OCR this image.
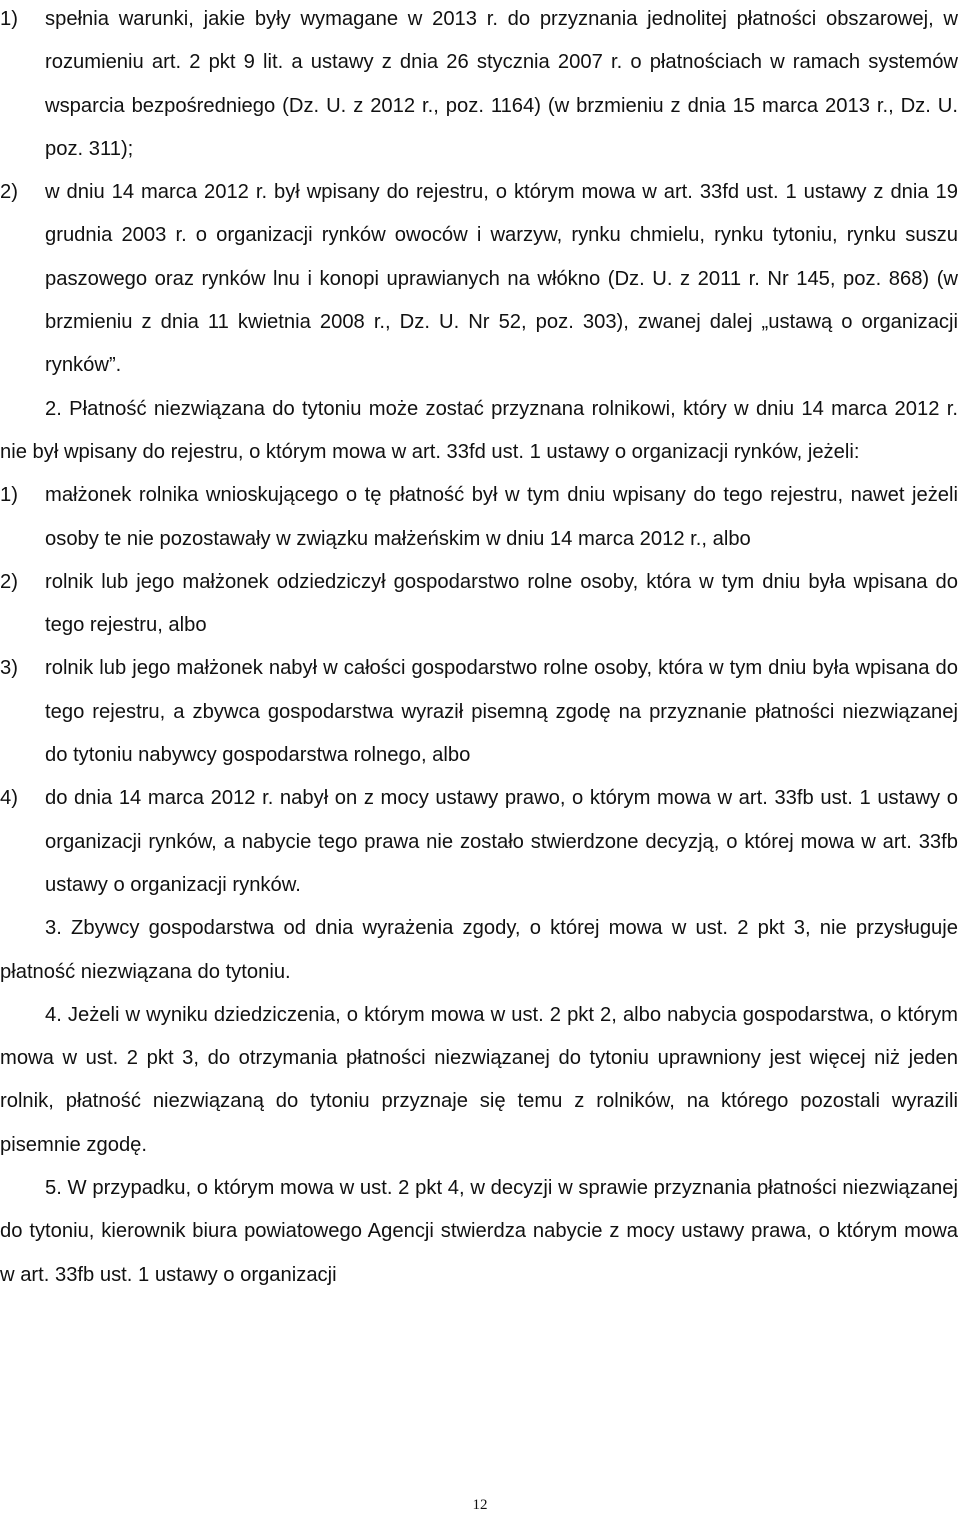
1) spełnia warunki, jakie były wymagane w 2013 r. do przyznania jednolitej płatności obszarowej, w rozumieniu art. 2 pkt 9 lit. a ustawy z dnia 26 stycznia 2007 r. o płatnościach w ramach systemów wsparcia bezpośredniego (Dz. U. z 2012 r., poz. 1164) (w brzmieniu z dnia 15 marca 2013 r., Dz. U. poz. 311);
2) w dniu 14 marca 2012 r. był wpisany do rejestru, o którym mowa w art. 33fd ust. 1 ustawy z dnia 19 grudnia 2003 r. o organizacji rynków owoców i warzyw, rynku chmielu, rynku tytoniu, rynku suszu paszowego oraz rynków lnu i konopi uprawianych na włókno (Dz. U. z 2011 r. Nr 145, poz. 868) (w brzmieniu z dnia 11 kwietnia 2008 r., Dz. U. Nr 52, poz. 303), zwanej dalej „ustawą o organizacji rynków”.

2. Płatność niezwiązana do tytoniu może zostać przyznana rolnikowi, który w dniu 14 marca 2012 r. nie był wpisany do rejestru, o którym mowa w art. 33fd ust. 1 ustawy o organizacji rynków, jeżeli:

1) małżonek rolnika wnioskującego o tę płatność był w tym dniu wpisany do tego rejestru, nawet jeżeli osoby te nie pozostawały w związku małżeńskim w dniu 14 marca 2012 r., albo
2) rolnik lub jego małżonek odziedziczył gospodarstwo rolne osoby, która w tym dniu była wpisana do tego rejestru, albo
3) rolnik lub jego małżonek nabył w całości gospodarstwo rolne osoby, która w tym dniu była wpisana do tego rejestru, a zbywca gospodarstwa wyraził pisemną zgodę na przyznanie płatności niezwiązanej do tytoniu nabywcy gospodarstwa rolnego, albo
4) do dnia 14 marca 2012 r. nabył on z mocy ustawy prawo, o którym mowa w art. 33fb ust. 1 ustawy o organizacji rynków, a nabycie tego prawa nie zostało stwierdzone decyzją, o której mowa w art. 33fb ustawy o organizacji rynków.

3. Zbywcy gospodarstwa od dnia wyrażenia zgody, o której mowa w ust. 2 pkt 3, nie przysługuje płatność niezwiązana do tytoniu.

4. Jeżeli w wyniku dziedziczenia, o którym mowa w ust. 2 pkt 2, albo nabycia gospodarstwa, o którym mowa w ust. 2 pkt 3, do otrzymania płatności niezwiązanej do tytoniu uprawniony jest więcej niż jeden rolnik, płatność niezwiązaną do tytoniu przyznaje się temu z rolników, na którego pozostali wyrazili pisemnie zgodę.

5. W przypadku, o którym mowa w ust. 2 pkt 4, w decyzji w sprawie przyznania płatności niezwiązanej do tytoniu, kierownik biura powiatowego Agencji stwierdza nabycie z mocy ustawy prawa, o którym mowa w art. 33fb ust. 1 ustawy o organizacji

12
